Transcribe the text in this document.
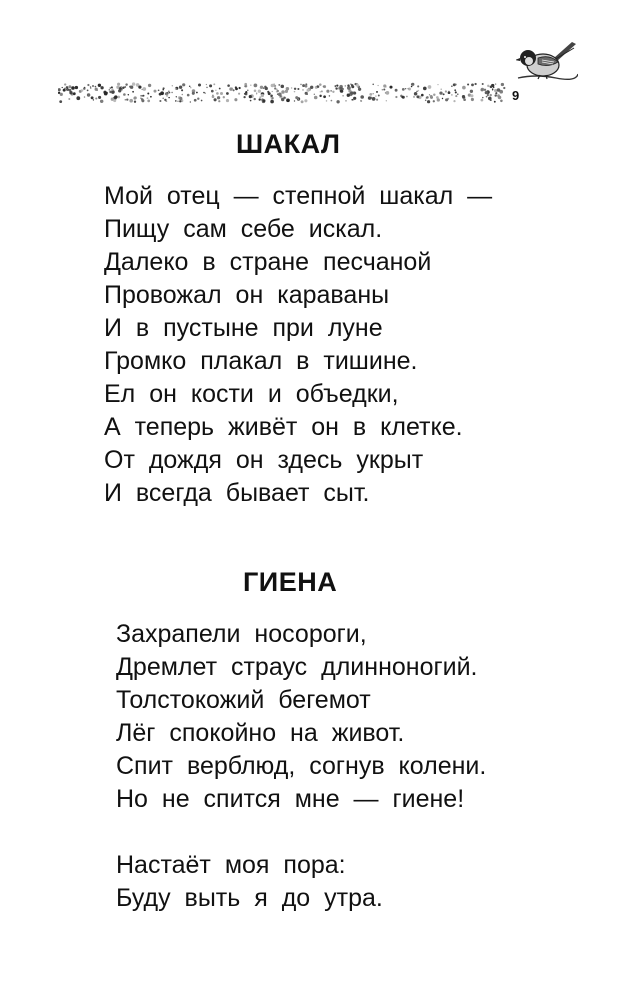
9
ШАКАЛ
Мой отец — степной шакал —
Пищу сам себе искал.
Далеко в стране песчаной
Провожал он караваны
И в пустыне при луне
Громко плакал в тишине.
Ел он кости и объедки,
А теперь живёт он в клетке.
От дождя он здесь укрыт
И всегда бывает сыт.
ГИЕНА
Захрапели носороги,
Дремлет страус длинноногий.
Толстокожий бегемот
Лёг спокойно на живот.
Спит верблюд, согнув колени.
Но не спится мне — гиене!
Настаёт моя пора:
Буду выть я до утра.
